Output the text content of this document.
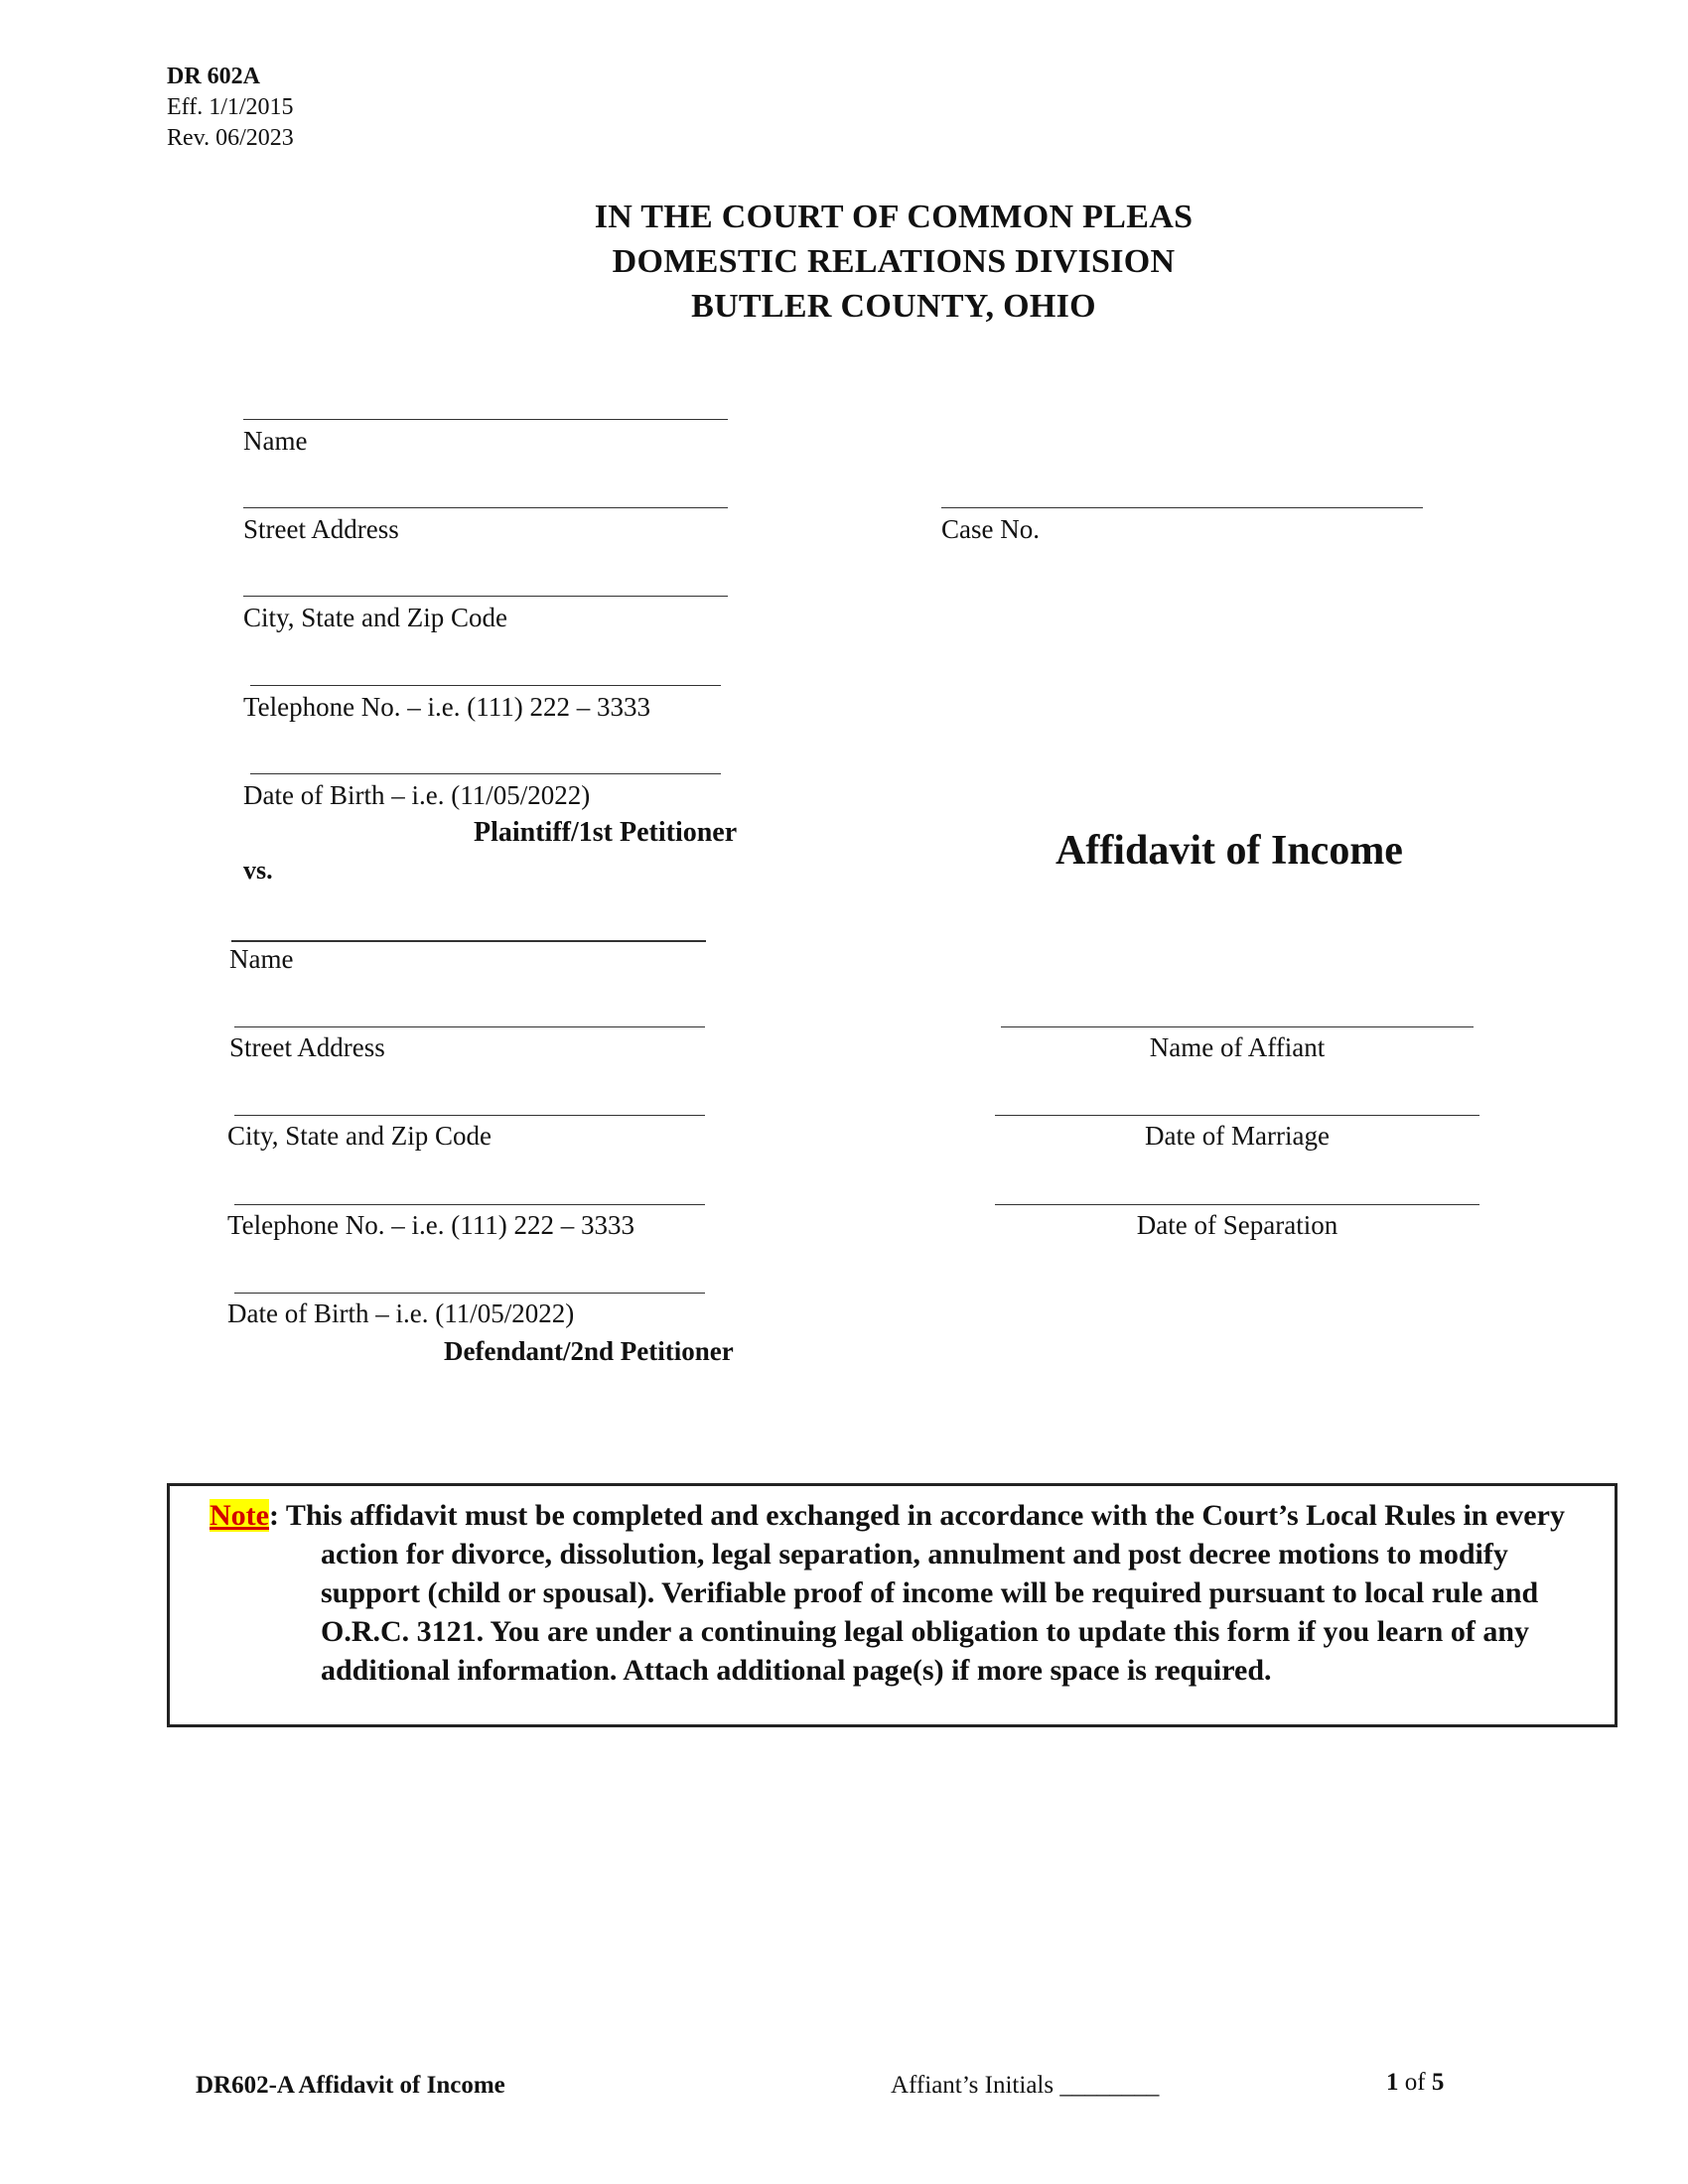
DR 602A
Eff. 1/1/2015
Rev. 06/2023
IN THE COURT OF COMMON PLEAS
DOMESTIC RELATIONS DIVISION
BUTLER COUNTY, OHIO
Name
Street Address
City, State and Zip Code
Telephone No. – i.e. (111) 222 – 3333
Date of Birth – i.e. (11/05/2022)
Plaintiff/1st Petitioner
vs.
Case No.
Affidavit of Income
Name
Street Address
City, State and Zip Code
Telephone No. – i.e. (111) 222 – 3333
Date of Birth – i.e. (11/05/2022)
Defendant/2nd Petitioner
Name of Affiant
Date of Marriage
Date of Separation
Note: This affidavit must be completed and exchanged in accordance with the Court’s Local Rules in every action for divorce, dissolution, legal separation, annulment and post decree motions to modify support (child or spousal). Verifiable proof of income will be required pursuant to local rule and O.R.C. 3121. You are under a continuing legal obligation to update this form if you learn of any additional information. Attach additional page(s) if more space is required.
DR602-A Affidavit of Income	Affiant’s Initials ________	1 of 5
